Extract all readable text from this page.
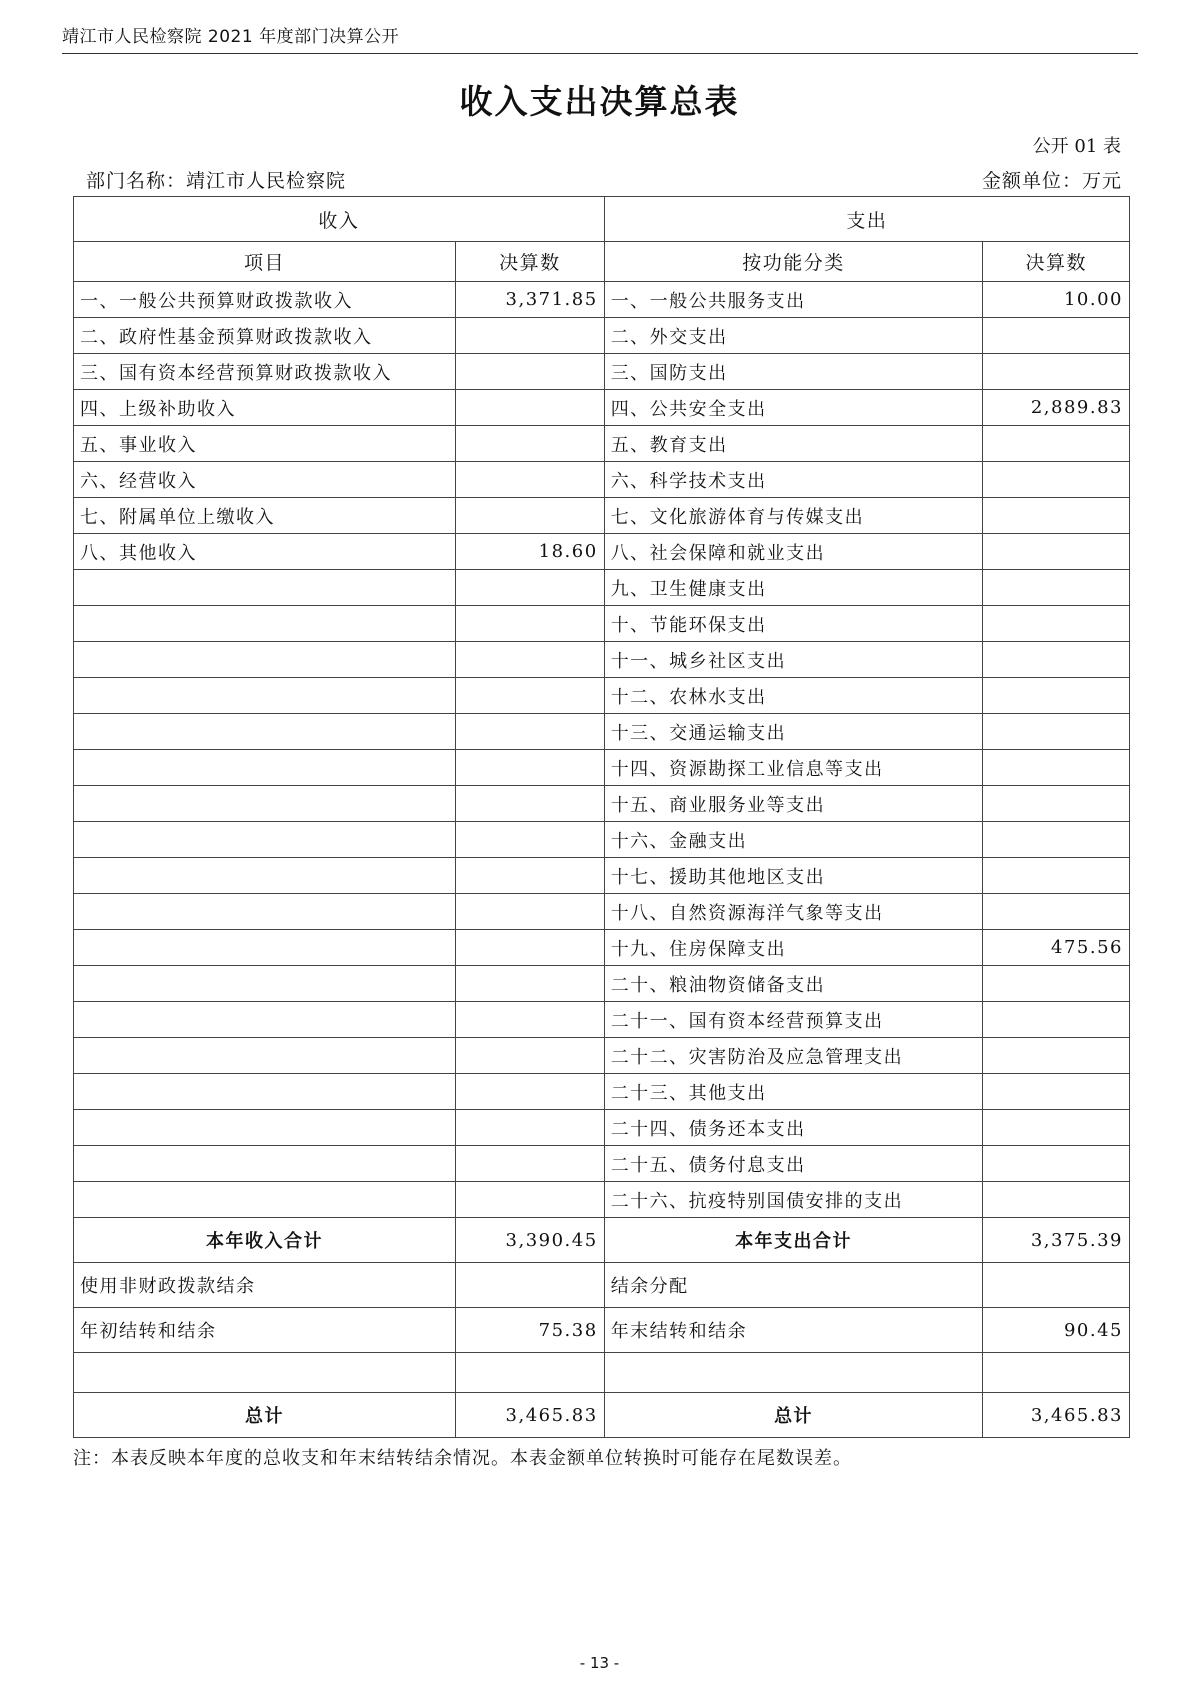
靖江市人民检察院 2021 年度部门决算公开
收入支出决算总表
公开 01 表
部门名称：靖江市人民检察院	金额单位：万元
收入		支出	
项目	决算数	按功能分类	决算数
一、一般公共预算财政拨款收入	3,371.85	一、一般公共服务支出	10.00
二、政府性基金预算财政拨款收入		二、外交支出	
三、国有资本经营预算财政拨款收入		三、国防支出	
四、上级补助收入		四、公共安全支出	2,889.83
五、事业收入		五、教育支出	
六、经营收入		六、科学技术支出	
七、附属单位上缴收入		七、文化旅游体育与传媒支出	
八、其他收入	18.60	八、社会保障和就业支出	
		九、卫生健康支出	
		十、节能环保支出	
		十一、城乡社区支出	
		十二、农林水支出	
		十三、交通运输支出	
		十四、资源勘探工业信息等支出	
		十五、商业服务业等支出	
		十六、金融支出	
		十七、援助其他地区支出	
		十八、自然资源海洋气象等支出	
		十九、住房保障支出	475.56
		二十、粮油物资储备支出	
		二十一、国有资本经营预算支出	
		二十二、灾害防治及应急管理支出	
		二十三、其他支出	
		二十四、债务还本支出	
		二十五、债务付息支出	
		二十六、抗疫特别国债安排的支出	
本年收入合计	3,390.45	本年支出合计	3,375.39
使用非财政拨款结余		结余分配	
年初结转和结余	75.38	年末结转和结余	90.45

总计	3,465.83	总计	3,465.83
注：本表反映本年度的总收支和年末结转结余情况。本表金额单位转换时可能存在尾数误差。
- 13 -
